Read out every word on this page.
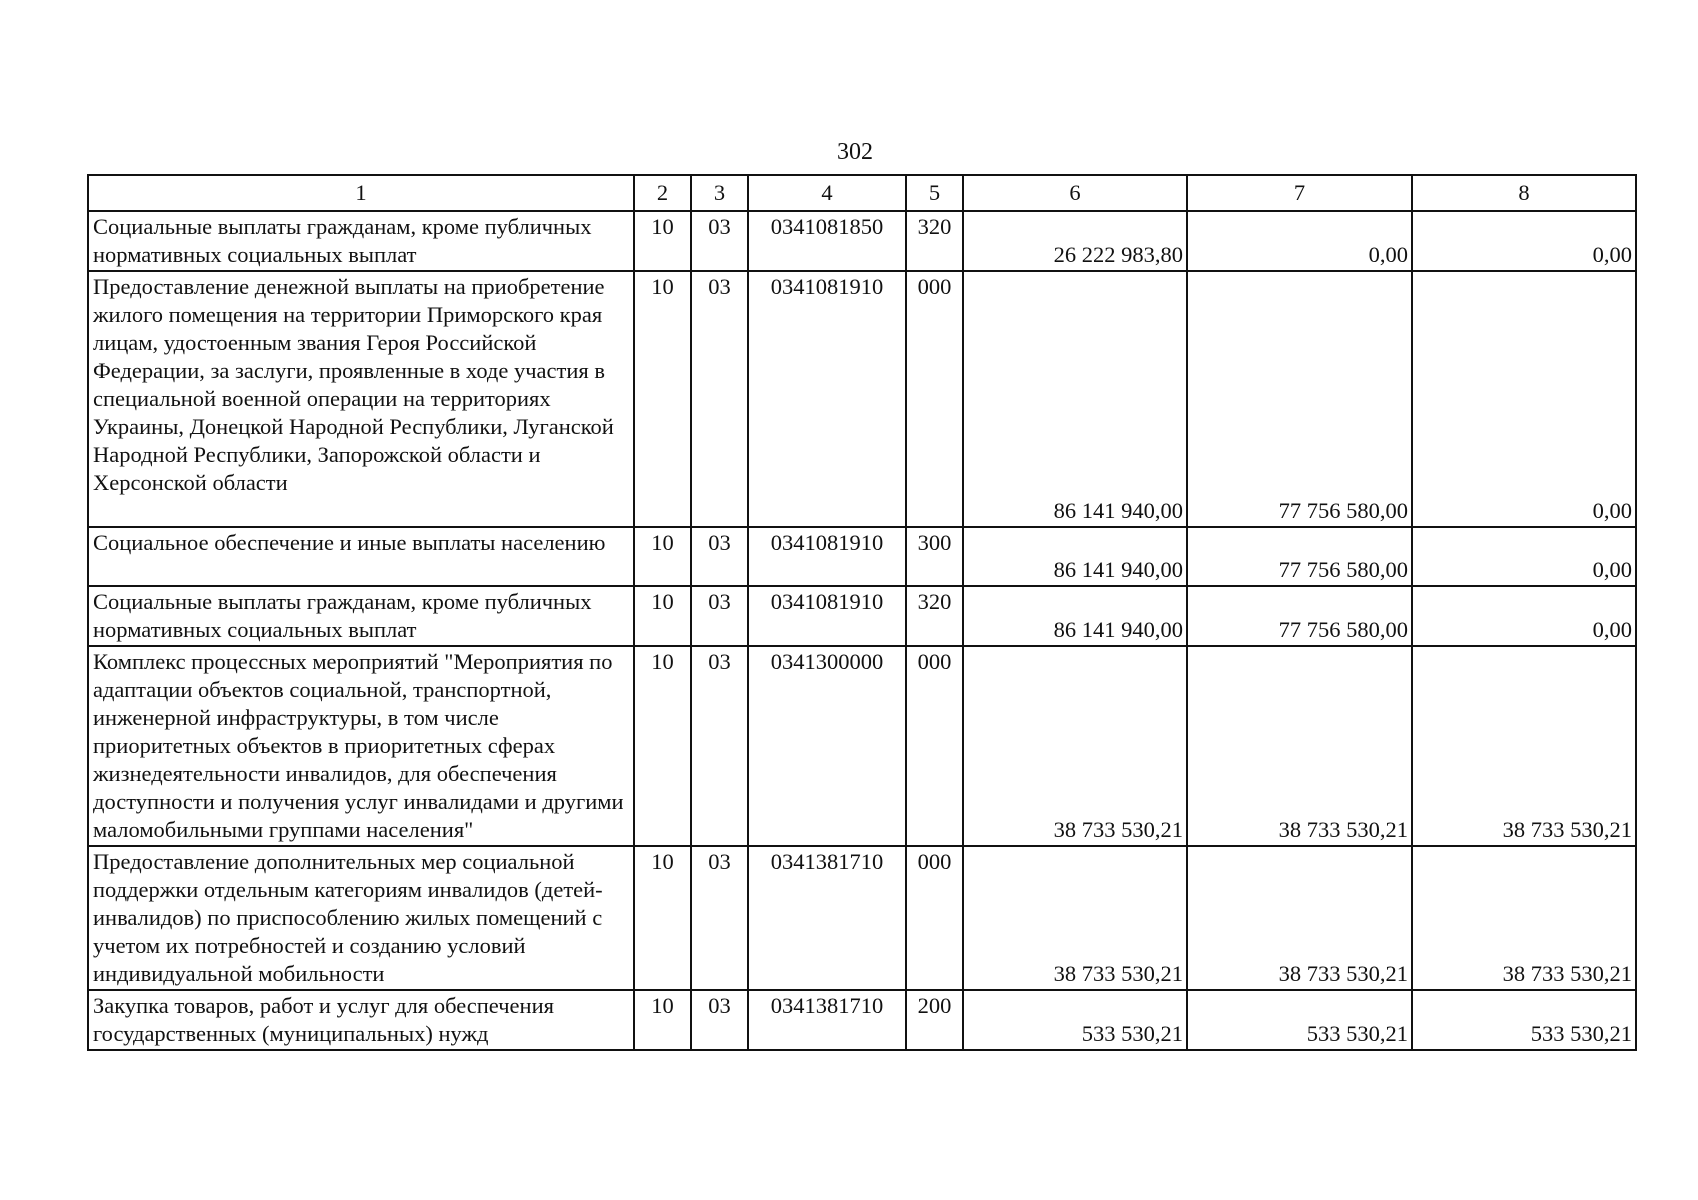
302
1	2	3	4	5	6	7	8
Социальные выплаты гражданам, кроме публичных нормативных социальных выплат	10	03	0341081850	320	26 222 983,80	0,00	0,00
Предоставление денежной выплаты на приобретение жилого помещения на территории Приморского края лицам, удостоенным звания Героя Российской Федерации, за заслуги, проявленные в ходе участия в специальной военной операции на территориях Украины, Донецкой Народной Республики, Луганской Народной Республики, Запорожской области и Херсонской области	10	03	0341081910	000	86 141 940,00	77 756 580,00	0,00
Социальное обеспечение и иные выплаты населению	10	03	0341081910	300	86 141 940,00	77 756 580,00	0,00
Социальные выплаты гражданам, кроме публичных нормативных социальных выплат	10	03	0341081910	320	86 141 940,00	77 756 580,00	0,00
Комплекс процессных мероприятий "Мероприятия по адаптации объектов социальной, транспортной, инженерной инфраструктуры, в том числе приоритетных объектов в приоритетных сферах жизнедеятельности инвалидов, для обеспечения доступности и получения услуг инвалидами и другими маломобильными группами населения"	10	03	0341300000	000	38 733 530,21	38 733 530,21	38 733 530,21
Предоставление дополнительных мер социальной поддержки отдельным категориям инвалидов (детей-инвалидов) по приспособлению жилых помещений с учетом их потребностей и созданию условий индивидуальной мобильности	10	03	0341381710	000	38 733 530,21	38 733 530,21	38 733 530,21
Закупка товаров, работ и услуг для обеспечения государственных (муниципальных) нужд	10	03	0341381710	200	533 530,21	533 530,21	533 530,21
